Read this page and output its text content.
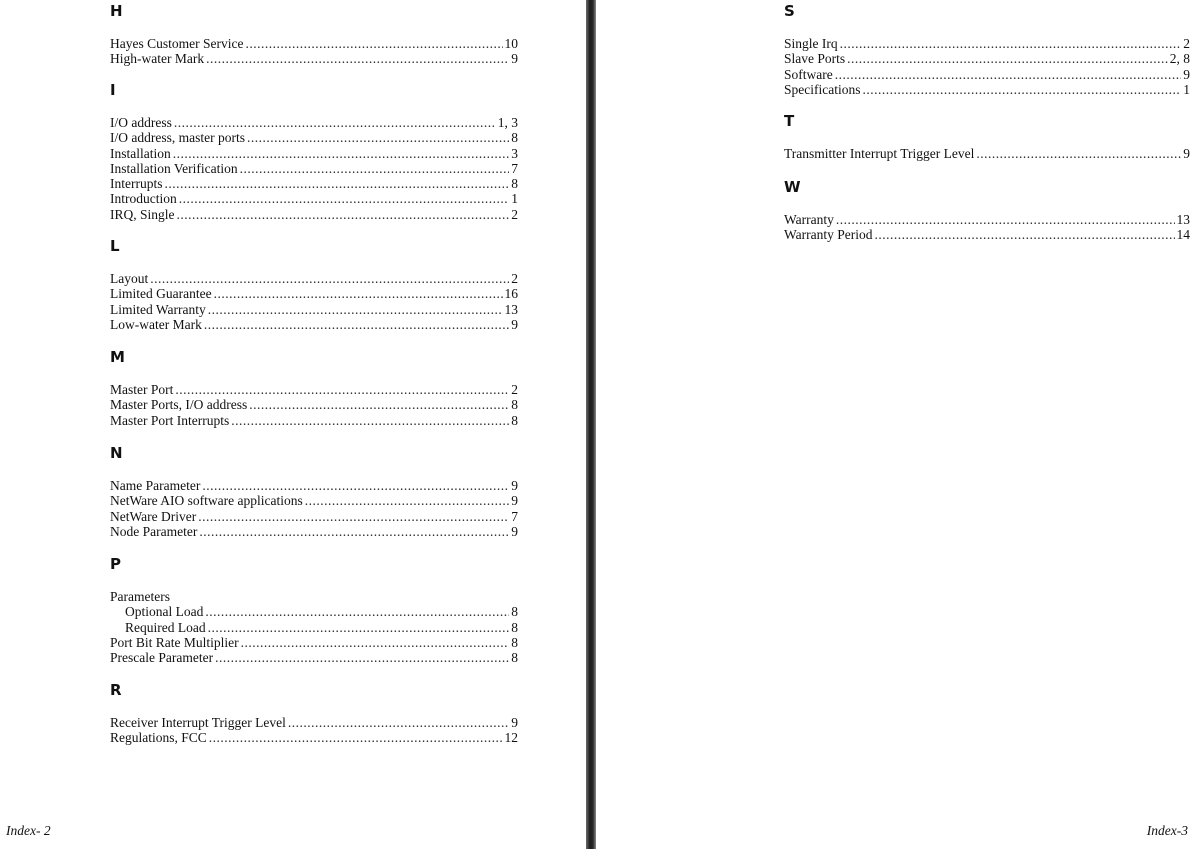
H
Hayes Customer Service .....	10
High-water Mark .....	9
I
I/O address .....	1, 3
I/O address, master ports .....	8
Installation .....	3
Installation Verification .....	7
Interrupts .....	8
Introduction .....	1
IRQ, Single .....	2
L
Layout .....	2
Limited Guarantee .....	16
Limited Warranty .....	13
Low-water Mark .....	9
M
Master Port .....	2
Master Ports, I/O address .....	8
Master Port Interrupts .....	8
N
Name Parameter .....	9
NetWare AIO software applications .....	9
NetWare Driver .....	7
Node Parameter .....	9
P
Parameters
Optional Load .....	8
Required Load .....	8
Port Bit Rate Multiplier .....	8
Prescale Parameter .....	8
R
Receiver Interrupt Trigger Level .....	9
Regulations, FCC .....	12
Index- 2
S
Single Irq .....	2
Slave Ports .....	2, 8
Software .....	9
Specifications .....	1
T
Transmitter Interrupt Trigger Level .....	9
W
Warranty .....	13
Warranty Period .....	14
Index-3
